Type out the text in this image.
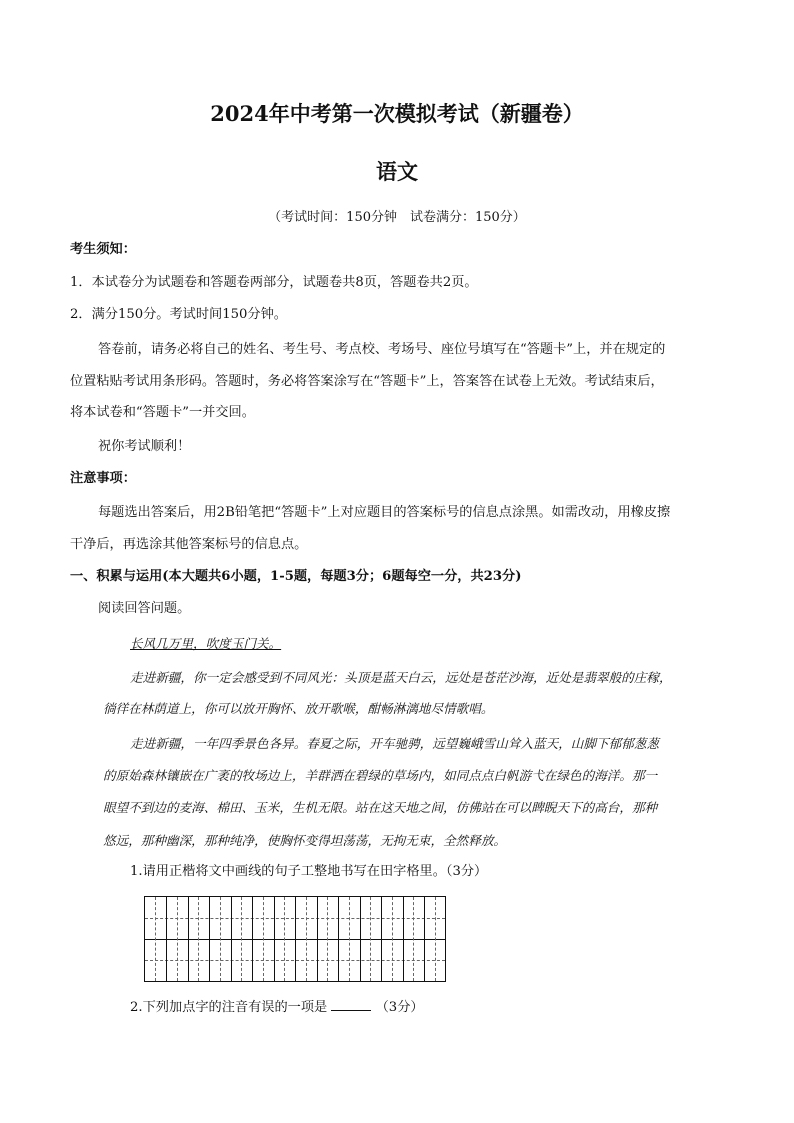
2024年中考第一次模拟考试（新疆卷）
语文
（考试时间：150分钟　试卷满分：150分）
考生须知：
1．本试卷分为试题卷和答题卷两部分，试题卷共8页，答题卷共2页。
2．满分150分。考试时间150分钟。
答卷前，请务必将自己的姓名、考生号、考点校、考场号、座位号填写在“答题卡”上，并在规定的
位置粘贴考试用条形码。答题时，务必将答案涂写在“答题卡”上，答案答在试卷上无效。考试结束后，
将本试卷和“答题卡”一并交回。
祝你考试顺利！
注意事项：
每题选出答案后，用2B铅笔把“答题卡”上对应题目的答案标号的信息点涂黑。如需改动，用橡皮擦
干净后，再选涂其他答案标号的信息点。
一、积累与运用(本大题共6小题，1-5题，每题3分；6题每空一分，共23分)
阅读回答问题。
长风几万里，吹度玉门关。
走进新疆，你一定会感受到不同风光：头顶是蓝天白云，远处是苍茫沙海，近处是翡翠般的庄稼，
徜徉在林荫道上，你可以放开胸怀、放开歌喉，酣畅淋漓地尽情歌唱。
走进新疆，一年四季景色各异。春夏之际，开车驰骋，远望巍峨雪山耸入蓝天，山脚下郁郁葱葱
的原始森林镶嵌在广袤的牧场边上，羊群洒在碧绿的草场内，如同点点白帆游弋在绿色的海洋。那一
眼望不到边的麦海、棉田、玉米，生机无限。站在这天地之间，仿佛站在可以睥睨天下的高台，那种
悠远，那种幽深，那种纯净，使胸怀变得坦荡荡，无拘无束，全然释放。
1.请用正楷将文中画线的句子工整地书写在田字格里。（3分）
2.下列加点字的注音有误的一项是	（3分）
